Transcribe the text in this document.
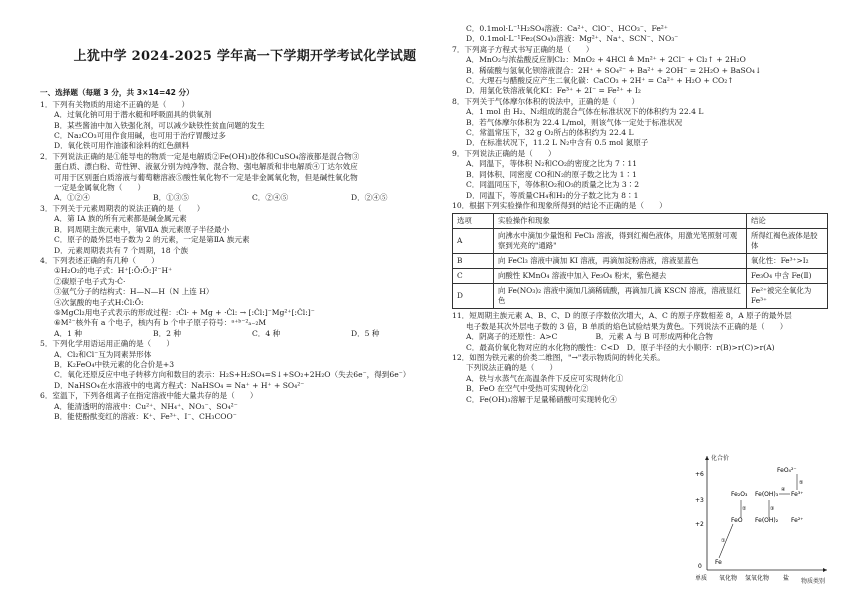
上犹中学 2024-2025 学年高一下学期开学考试化学试题
一、选择题（每题 3 分，共 3×14=42 分）
1．下列有关物质的用途不正确的是（　　）
A．过氧化钠可用于潜水艇和呼吸面具的供氧剂
B．某些酱油中加入铁强化剂，可以减少缺铁性贫血问题的发生
C．Na₂CO₃可用作食用碱，也可用于治疗胃酸过多
D．氧化铁可用作油漆和涂料的红色颜料
2．下列说法正确的是①能导电的物质一定是电解质②Fe(OH)₃胶体和CuSO₄溶液都是混合物③
蛋白质、漂白粉、苛性钾、液氨分别为纯净物、混合物、强电解质和非电解质④丁达尔效应
可用于区别蛋白质溶液与葡萄糖溶液⑤酸性氧化物不一定是非金属氧化物，但是碱性氧化物
一定是金属氧化物（　　）
A．①②④	B．①③⑤	C．②④⑤	D．②④⑤
3．下列关于元素周期表的说法正确的是（　　）
A．第 IA 族的所有元素都是碱金属元素
B．同周期主族元素中，第ⅦA 族元素原子半径最小
C．原子的最外层电子数为 2 的元素，一定是第ⅡA 族元素
D．元素周期表共有 7 个周期，18 个族
4．下列表述正确的有几种（　　）
①H₂O₂的电子式：H⁺[:Ö:Ö:]²⁻H⁺
②碳原子电子式为·Ċ·
③氨气分子的结构式：H—N—H（N 上连 H）
④次氯酸的电子式H:Ċl:Ö:
⑤MgCl₂用电子式表示的形成过程：:Ċl· + Mg + ·Ċl: → [:Ċl:]⁻Mg²⁺[:Ċl:]⁻
⑥M²⁻核外有 a 个电子，核内有 b 个中子原子符号：ᵃ⁺ᵇ⁻²ₐ₋₂M
A．1 种	B．2 种	C．4 种	D．5 种
5．下列化学用语运用正确的是（　　）
A．Cl₂和Cl⁻互为同素异形体
B．K₂FeO₄中铁元素的化合价是+3
C．氧化还原反应中电子转移方向和数目的表示：H₂S+H₂SO₄=S↓+SO₂+2H₂O（失去6e⁻，得到6e⁻）
D．NaHSO₄在水溶液中的电离方程式：NaHSO₄ = Na⁺ + H⁺ + SO₄²⁻
6．室温下，下列各组离子在指定溶液中能大量共存的是（　　）
A．能清透明的溶液中：Cu²⁺、NH₄⁺、NO₃⁻、SO₄²⁻
B．能使酚酞变红的溶液：K⁺、Fe³⁺、I⁻、CH₃COO⁻
C．0.1mol·L⁻¹H₂SO₄溶液：Ca²⁺、ClO⁻、HCO₃⁻、Fe²⁺
D．0.1mol·L⁻¹Fe₂(SO₄)₃溶液：Mg²⁺、Na⁺、SCN⁻、NO₃⁻
7．下列离子方程式书写正确的是（　　）
A．MnO₂与浓盐酸反应制Cl₂：MnO₂ + 4HCl ≜ Mn²⁺ + 2Cl⁻ + Cl₂↑ + 2H₂O
B．稀硫酸与氢氧化钡溶液混合：2H⁺ + SO₄²⁻ + Ba²⁺ + 2OH⁻ = 2H₂O + BaSO₄↓
C．大理石与醋酸反应产生二氧化碳：CaCO₃ + 2H⁺ = Ca²⁺ + H₂O + CO₂↑
D．用氯化铁溶液氧化KI：Fe³⁺ + 2I⁻ = Fe²⁺ + I₂
8．下列关于气体摩尔体积的说法中，正确的是（　　）
A．1 mol 由 H₂、N₂组成的混合气体在标准状况下的体积约为 22.4 L
B．若气体摩尔体积为 22.4 L/mol，则该气体一定处于标准状况
C．常温常压下，32 g O₂所占的体积约为 22.4 L
D．在标准状况下，11.2 L N₂中含有 0.5 mol 氮原子
9．下列说法正确的是（　　）
A．同温下，等体积 N₂和CO₂的密度之比为 7∶11
B．同体积、同密度 CO和N₂的原子数之比为 1∶1
C．同温同压下，等体积O₂和O₃的质量之比为 3∶2
D．同温下，等质量CH₄和H₂的分子数之比为 8∶1
10．根据下列实验操作和现象所得到的结论不正确的是（　　）
选项	实验操作和现象	结论
A	向沸水中滴加少量饱和 FeCl₃ 溶液，得到红褐色液体，用激光笔照射可观察到光亮的"通路"	所得红褐色液体是胶体
B	向 FeCl₃ 溶液中滴加 KI 溶液，再滴加淀粉溶液，溶液显蓝色	氧化性：Fe³⁺>I₂
C	向酸性 KMnO₄ 溶液中加入 Fe₃O₄ 粉末，紫色褪去	Fe₃O₄ 中含 Fe(Ⅱ)
D	向 Fe(NO₃)₂ 溶液中滴加几滴稀硫酸，再滴加几滴 KSCN 溶液，溶液显红色	Fe²⁺被完全氧化为Fe³⁺
11．短周期主族元素 A、B、C、D 的原子序数依次增大，A、C 的原子序数相差 8，A 原子的最外层
电子数是其次外层电子数的 3 倍，B 单质的焰色试验结果为黄色。下列说法不正确的是（　　）
A．阴离子的还原性：A>C　　　　　B．元素 A 与 B 可形成两种化合物
C．最高价氧化物对应的水化物的酸性：C<D　D．原子半径的大小顺序：r(B)>r(C)>r(A)
12．如图为铁元素的价类二维图，"→"表示物质间的转化关系。
下列说法正确的是（　　）
A．铁与水蒸气在高温条件下反应可实现转化①
B．FeO 在空气中受热可实现转化②
C．Fe(OH)₃溶解于足量稀硝酸可实现转化④
化合价
物质类别
+6
+3
+2
0
单质 氧化物 氢氧化物 盐
FeO₄²⁻
Fe₂O₃ Fe(OH)₃ Fe³⁺
FeO Fe(OH)₂ Fe²⁺
Fe
①
②	③
④
⑤
